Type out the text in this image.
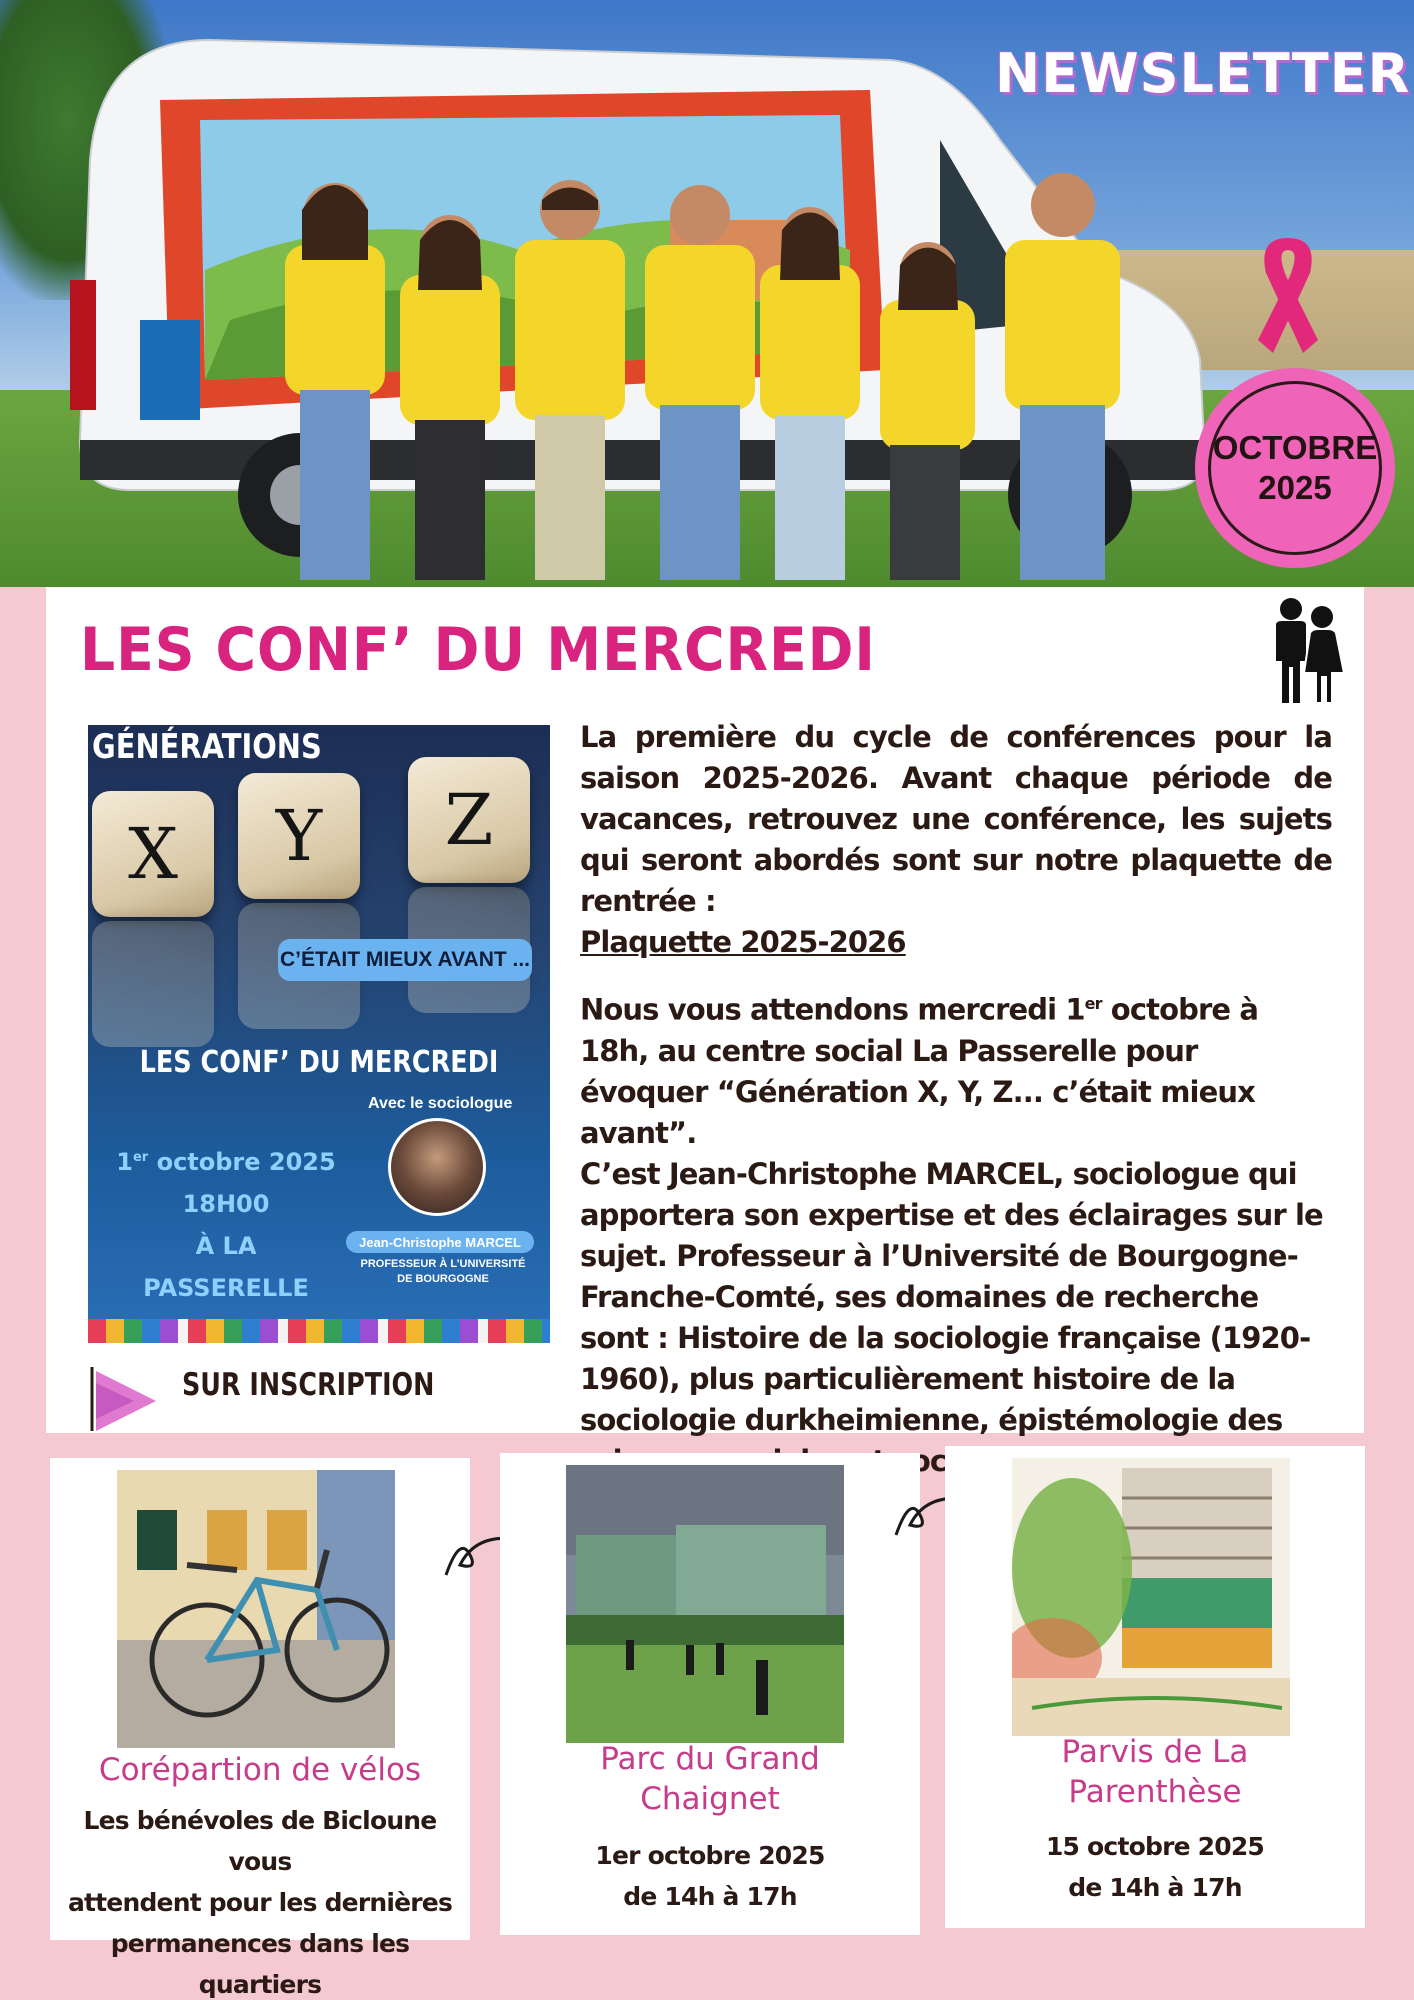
NEWSLETTER
OCTOBRE
2025
LES CONF’ DU MERCREDI
GÉNÉRATIONS
X Y Z
C’ÉTAIT MIEUX AVANT ...
LES CONF’ DU MERCREDI
Avec le sociologue
1er octobre 2025
18H00
À LA PASSERELLE
Jean-Christophe MARCEL
PROFESSEUR À L’UNIVERSITÉ
DE BOURGOGNE
SUR INSCRIPTION

La première du cycle de conférences pour la saison 2025-2026. Avant chaque période de vacances, retrouvez une conférence, les sujets qui seront abordés sont sur notre plaquette de rentrée :
Plaquette 2025-2026

Nous vous attendons mercredi 1er octobre à 18h, au centre social La Passerelle pour évoquer “Génération X, Y, Z... c’était mieux avant”.
C’est Jean-Christophe MARCEL, sociologue qui apportera son expertise et des éclairages sur le sujet. Professeur à l’Université de Bourgogne-Franche-Comté, ses domaines de recherche sont : Histoire de la sociologie française (1920-1960), plus particulièrement histoire de la sociologie durkheimienne, épistémologie des

Corépartion de vélos
Les bénévoles de Bicloune vous
attendent pour les dernières
permanences dans les quartiers
Parc du Grand
Chaignet
1er octobre 2025
de 14h à 17h
Parvis de La
Parenthèse
15 octobre 2025
de 14h à 17h
